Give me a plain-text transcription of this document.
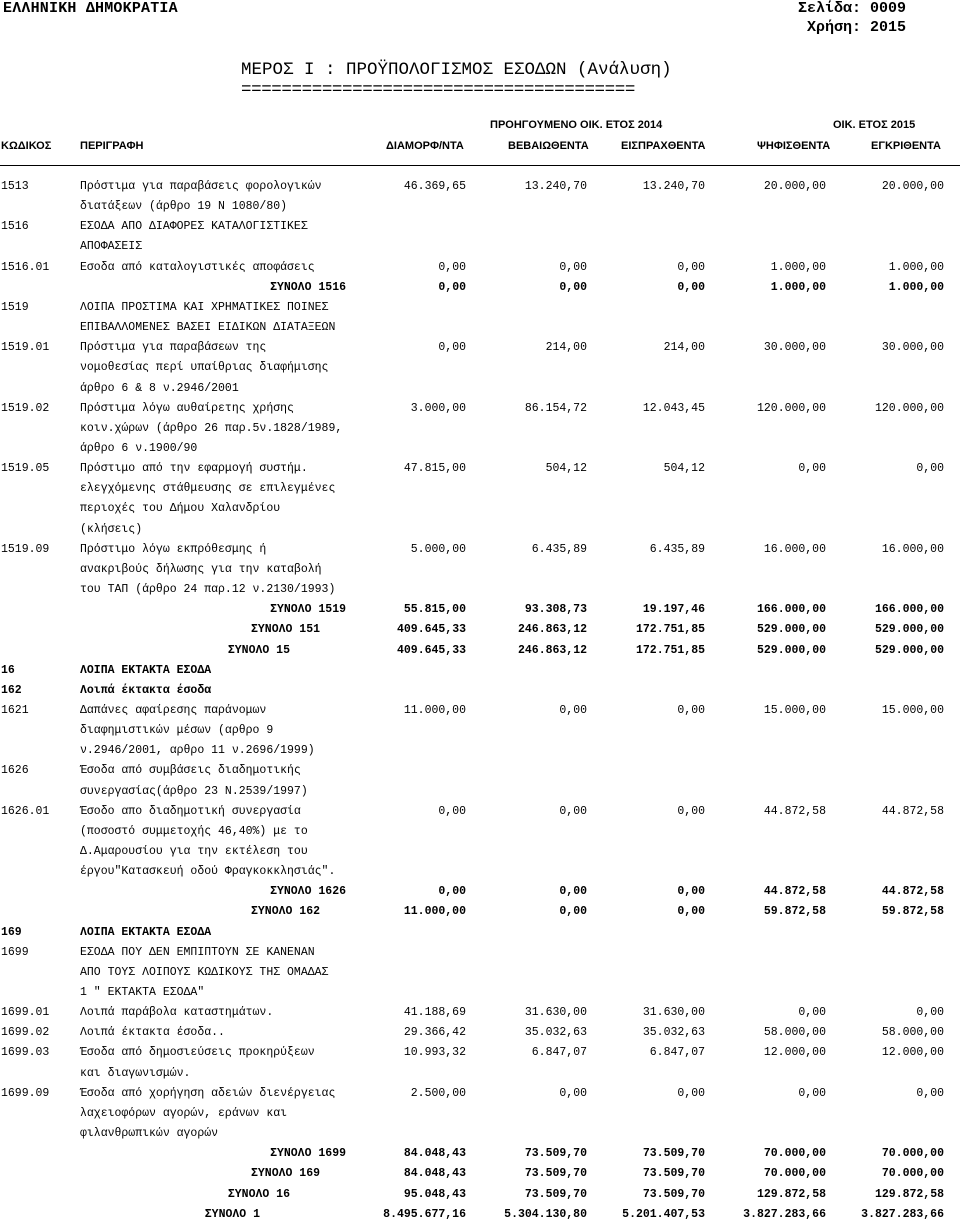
ΕΛΛΗΝΙΚΗ ΔΗΜΟΚΡΑΤΙΑ	Σελίδα: 0009
Χρήση: 2015
ΜΕΡΟΣ Ι : ΠΡΟΫΠΟΛΟΓΙΣΜΟΣ ΕΣΟΔΩΝ (Ανάλυση)
=======================================
ΠΡΟΗΓΟΥΜΕΝΟ ΟΙΚ. ΕΤΟΣ 2014	ΟΙΚ. ΕΤΟΣ 2015
ΚΩΔΙΚΟΣ	ΠΕΡΙΓΡΑΦΗ	ΔΙΑΜΟΡΦ/ΝΤΑ	ΒΕΒΑΙΩΘΕΝΤΑ	ΕΙΣΠΡΑΧΘΕΝΤΑ	ΨΗΦΙΣΘΕΝΤΑ	ΕΓΚΡΙΘΕΝΤΑ
1513	Πρόστιμα για παραβάσεις φορολογικών	46.369,65	13.240,70	13.240,70	20.000,00	20.000,00
διατάξεων (άρθρο 19 Ν 1080/80)
1516	ΕΣΟΔΑ ΑΠΟ ΔΙΑΦΟΡΕΣ ΚΑΤΑΛΟΓΙΣΤΙΚΕΣ
ΑΠΟΦΑΣΕΙΣ
1516.01	Εσοδα από καταλογιστικές αποφάσεις	0,00	0,00	0,00	1.000,00	1.000,00
ΣΥΝΟΛΟ 1516	0,00	0,00	0,00	1.000,00	1.000,00
1519	ΛΟΙΠΑ ΠΡΟΣΤΙΜΑ ΚΑΙ ΧΡΗΜΑΤΙΚΕΣ ΠΟΙΝΕΣ
ΕΠΙΒΑΛΛΟΜΕΝΕΣ ΒΑΣΕΙ ΕΙΔΙΚΩΝ ΔΙΑΤΑΞΕΩΝ
1519.01	Πρόστιμα για παραβάσεων της	0,00	214,00	214,00	30.000,00	30.000,00
νομοθεσίας περί υπαίθριας διαφήμισης
άρθρο 6 & 8 ν.2946/2001
1519.02	Πρόστιμα λόγω αυθαίρετης χρήσης	3.000,00	86.154,72	12.043,45	120.000,00	120.000,00
κοιν.χώρων (άρθρο 26 παρ.5ν.1828/1989,
άρθρο 6 ν.1900/90
1519.05	Πρόστιμο από την εφαρμογή συστήμ.	47.815,00	504,12	504,12	0,00	0,00
ελεγχόμενης στάθμευσης σε επιλεγμένες
περιοχές του Δήμου Χαλανδρίου
(κλήσεις)
1519.09	Πρόστιμο λόγω εκπρόθεσμης ή	5.000,00	6.435,89	6.435,89	16.000,00	16.000,00
ανακριβούς δήλωσης για την καταβολή
του ΤΑΠ (άρθρο 24 παρ.12 ν.2130/1993)
ΣΥΝΟΛΟ 1519	55.815,00	93.308,73	19.197,46	166.000,00	166.000,00
ΣΥΝΟΛΟ 151	409.645,33	246.863,12	172.751,85	529.000,00	529.000,00
ΣΥΝΟΛΟ 15	409.645,33	246.863,12	172.751,85	529.000,00	529.000,00
16	ΛΟΙΠΑ ΕΚΤΑΚΤΑ ΕΣΟΔΑ
162	Λοιπά έκτακτα έσοδα
1621	Δαπάνες αφαίρεσης παράνομων	11.000,00	0,00	0,00	15.000,00	15.000,00
διαφημιστικών μέσων (αρθρο 9
ν.2946/2001, αρθρο 11 ν.2696/1999)
1626	Έσοδα από συμβάσεις διαδημοτικής
συνεργασίας(άρθρο 23 Ν.2539/1997)
1626.01	Έσοδο απο διαδημοτική συνεργασία	0,00	0,00	0,00	44.872,58	44.872,58
(ποσοστό συμμετοχής 46,40%) με το
Δ.Αμαρουσίου για την εκτέλεση του
έργου"Κατασκευή οδού Φραγκοκκλησιάς".
ΣΥΝΟΛΟ 1626	0,00	0,00	0,00	44.872,58	44.872,58
ΣΥΝΟΛΟ 162	11.000,00	0,00	0,00	59.872,58	59.872,58
169	ΛΟΙΠΑ ΕΚΤΑΚΤΑ ΕΣΟΔΑ
1699	ΕΣΟΔΑ ΠΟΥ ΔΕΝ ΕΜΠΙΠΤΟΥΝ ΣΕ ΚΑΝΕΝΑΝ
ΑΠΟ ΤΟΥΣ ΛΟΙΠΟΥΣ ΚΩΔΙΚΟΥΣ ΤΗΣ ΟΜΑΔΑΣ
1 " ΕΚΤΑΚΤΑ ΕΣΟΔΑ"
1699.01	Λοιπά παράβολα καταστημάτων.	41.188,69	31.630,00	31.630,00	0,00	0,00
1699.02	Λοιπά έκτακτα έσοδα..	29.366,42	35.032,63	35.032,63	58.000,00	58.000,00
1699.03	Έσοδα από δημοσιεύσεις προκηρύξεων	10.993,32	6.847,07	6.847,07	12.000,00	12.000,00
και διαγωνισμών.
1699.09	Έσοδα από χορήγηση αδειών διενέργειας	2.500,00	0,00	0,00	0,00	0,00
λαχειοφόρων αγορών, εράνων και
φιλανθρωπικών αγορών
ΣΥΝΟΛΟ 1699	84.048,43	73.509,70	73.509,70	70.000,00	70.000,00
ΣΥΝΟΛΟ 169	84.048,43	73.509,70	73.509,70	70.000,00	70.000,00
ΣΥΝΟΛΟ 16	95.048,43	73.509,70	73.509,70	129.872,58	129.872,58
ΣΥΝΟΛΟ 1	8.495.677,16	5.304.130,80	5.201.407,53	3.827.283,66	3.827.283,66
